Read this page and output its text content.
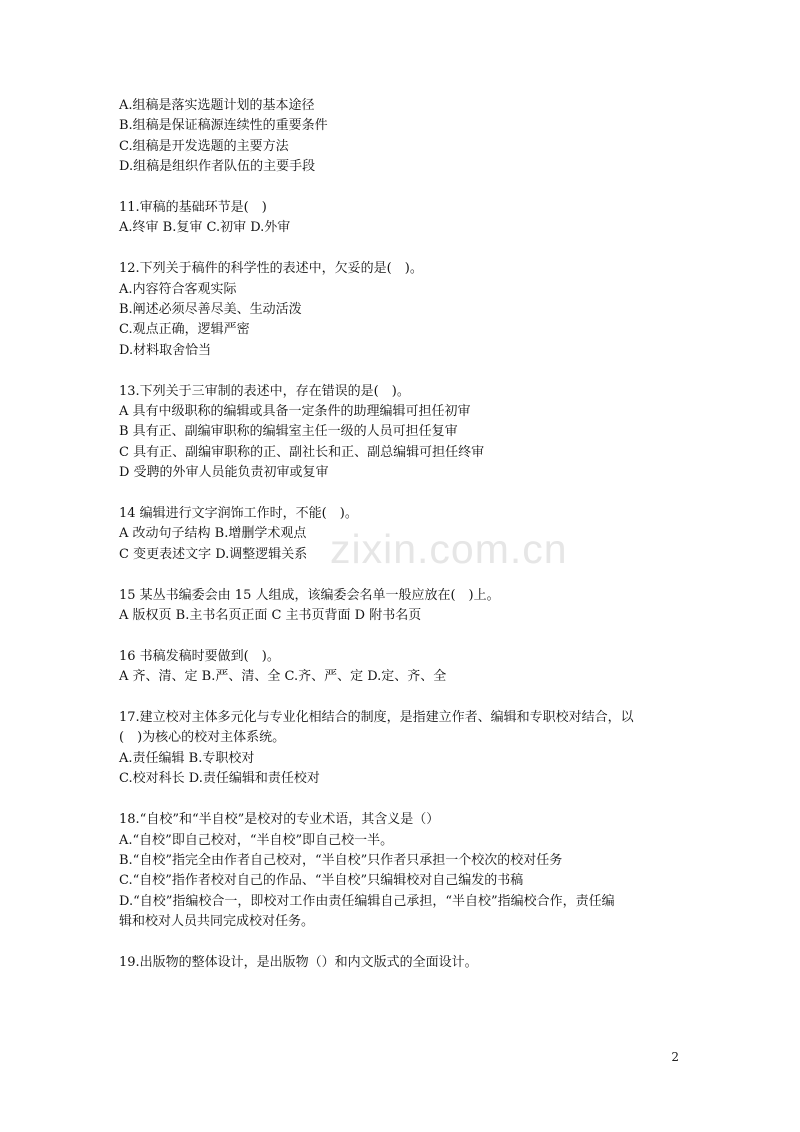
zixin.com.cn
A.组稿是落实选题计划的基本途径
B.组稿是保证稿源连续性的重要条件
C.组稿是开发选题的主要方法
D.组稿是组织作者队伍的主要手段
11.审稿的基础环节是(　)
A.终审 B.复审 C.初审 D.外审
12.下列关于稿件的科学性的表述中，欠妥的是(　)。
A.内容符合客观实际
B.阐述必须尽善尽美、生动活泼
C.观点正确，逻辑严密
D.材料取舍恰当
13.下列关于三审制的表述中，存在错误的是(　)。
A 具有中级职称的编辑或具备一定条件的助理编辑可担任初审
B 具有正、副编审职称的编辑室主任一级的人员可担任复审
C 具有正、副编审职称的正、副社长和正、副总编辑可担任终审
D 受聘的外审人员能负责初审或复审
14 编辑进行文字润饰工作时，不能(　)。
A 改动句子结构 B.增删学术观点
C 变更表述文字 D.调整逻辑关系
15 某丛书编委会由 15 人组成，该编委会名单一般应放在(　)上。
A 版权页 B.主书名页正面 C 主书页背面 D 附书名页
16 书稿发稿时要做到(　)。
A 齐、清、定 B.严、清、全 C.齐、严、定 D.定、齐、全
17.建立校对主体多元化与专业化相结合的制度，是指建立作者、编辑和专职校对结合，以
(　)为核心的校对主体系统。
A.责任编辑 B.专职校对
C.校对科长 D.责任编辑和责任校对
18.“自校”和“半自校”是校对的专业术语，其含义是（）
A.“自校”即自己校对，“半自校”即自己校一半。
B.“自校”指完全由作者自己校对，“半自校”只作者只承担一个校次的校对任务
C.“自校”指作者校对自己的作品、“半自校”只编辑校对自己编发的书稿
D.“自校”指编校合一，即校对工作由责任编辑自己承担，“半自校”指编校合作，责任编
辑和校对人员共同完成校对任务。
19.出版物的整体设计，是出版物（）和内文版式的全面设计。
2
